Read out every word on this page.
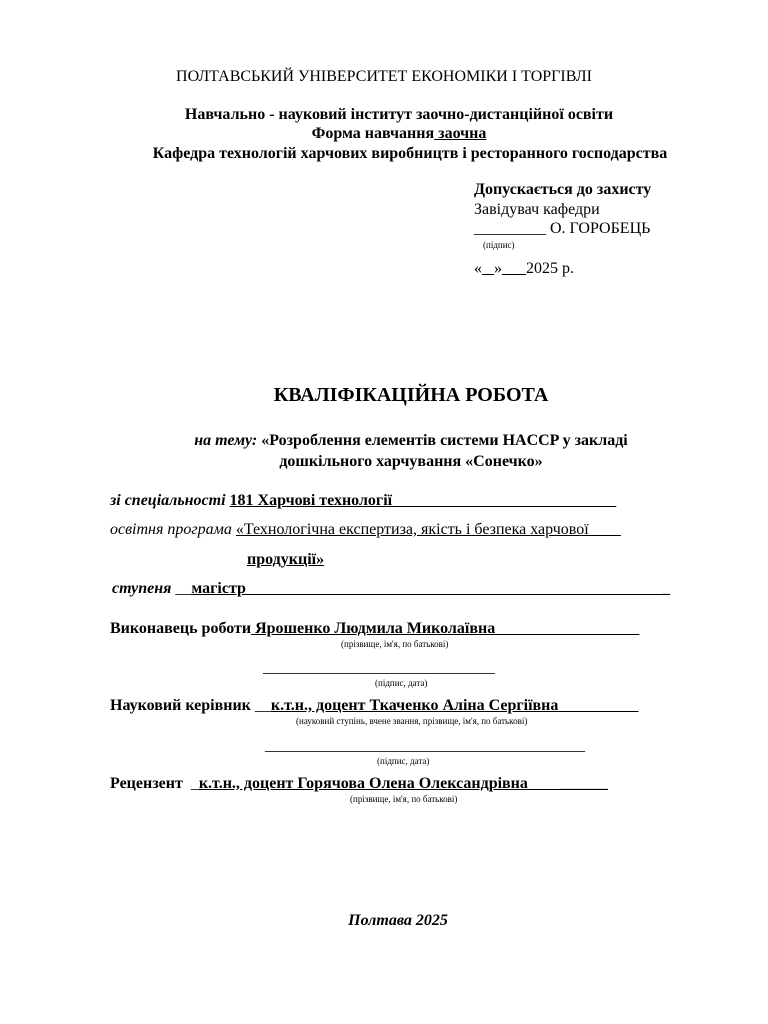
ПОЛТАВСЬКИЙ УНІВЕРСИТЕТ ЕКОНОМІКИ І ТОРГІВЛІ
Навчально - науковий інститут заочно-дистанційної освіти
Форма навчання заочна
Кафедра технологій харчових виробництв і ресторанного господарства
Допускається до захисту
Завідувач кафедри
_________ О. ГОРОБЕЦЬ
(підпис)
« _»___2025 р.
КВАЛІФІКАЦІЙНА РОБОТА
на тему: «Розроблення елементів системи HACCP у закладі
дошкільного харчування «Сонечко»
зі спеціальності 181 Харчові технології____________________________
освітня програма «Технологічна експертиза, якість і безпека харчової____
продукції»
ступеня __магістр_____________________________________________________
Виконавець роботи Ярошенко Людмила Миколаївна__________________
(прізвище, ім'я, по батькові)
_____________________________
(підпис, дата)
Науковий керівник __к.т.н., доцент Ткаченко Аліна Сергіївна__________
(науковий ступінь, вчене звання, прізвище, ім'я, по батькові)
________________________________________
(підпис, дата)
Рецензент  _к.т.н., доцент Горячова Олена Олександрівна ______
(прізвище, ім'я, по батькові)
Полтава 2025
